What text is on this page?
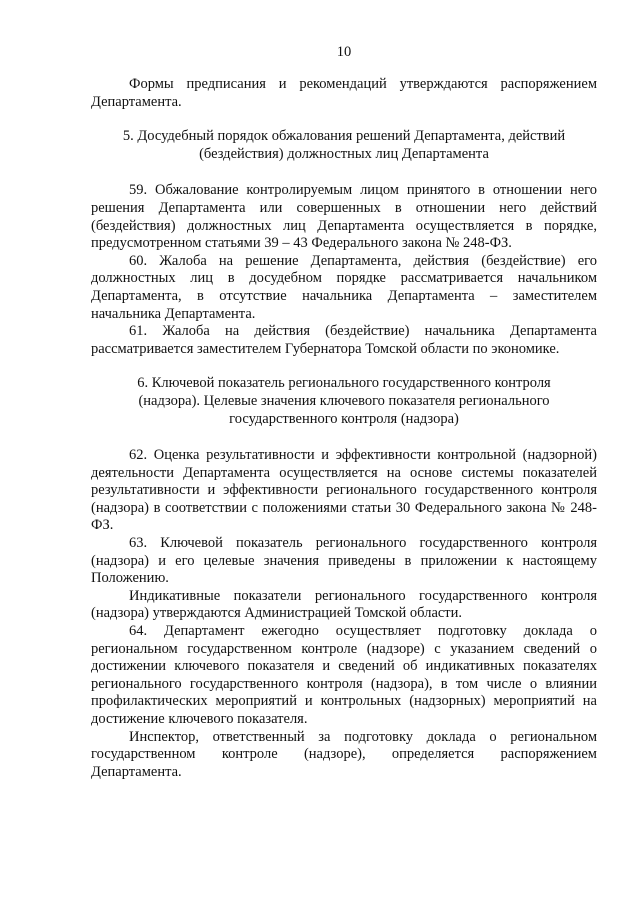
10

Формы предписания и рекомендаций утверждаются распоряжением Департамента.

5. Досудебный порядок обжалования решений Департамента, действий
(бездействия) должностных лиц Департамента

59. Обжалование контролируемым лицом принятого в отношении него решения Департамента или совершенных в отношении него действий (бездействия) должностных лиц Департамента осуществляется в порядке, предусмотренном статьями 39 – 43 Федерального закона № 248-ФЗ.

60. Жалоба на решение Департамента, действия (бездействие) его должностных лиц в досудебном порядке рассматривается начальником Департамента, в отсутствие начальника Департамента – заместителем начальника Департамента.

61. Жалоба на действия (бездействие) начальника Департамента рассматривается заместителем Губернатора Томской области по экономике.

6. Ключевой показатель регионального государственного контроля
(надзора). Целевые значения ключевого показателя регионального
государственного контроля (надзора)

62. Оценка результативности и эффективности контрольной (надзорной) деятельности Департамента осуществляется на основе системы показателей результативности и эффективности регионального государственного контроля (надзора) в соответствии с положениями статьи 30 Федерального закона № 248-ФЗ.

63. Ключевой показатель регионального государственного контроля (надзора) и его целевые значения приведены в приложении к настоящему Положению.

Индикативные показатели регионального государственного контроля (надзора) утверждаются Администрацией Томской области.

64. Департамент ежегодно осуществляет подготовку доклада о региональном государственном контроле (надзоре) с указанием сведений о достижении ключевого показателя и сведений об индикативных показателях регионального государственного контроля (надзора), в том числе о влиянии профилактических мероприятий и контрольных (надзорных) мероприятий на достижение ключевого показателя.

Инспектор, ответственный за подготовку доклада о региональном государственном контроле (надзоре), определяется распоряжением Департамента.
